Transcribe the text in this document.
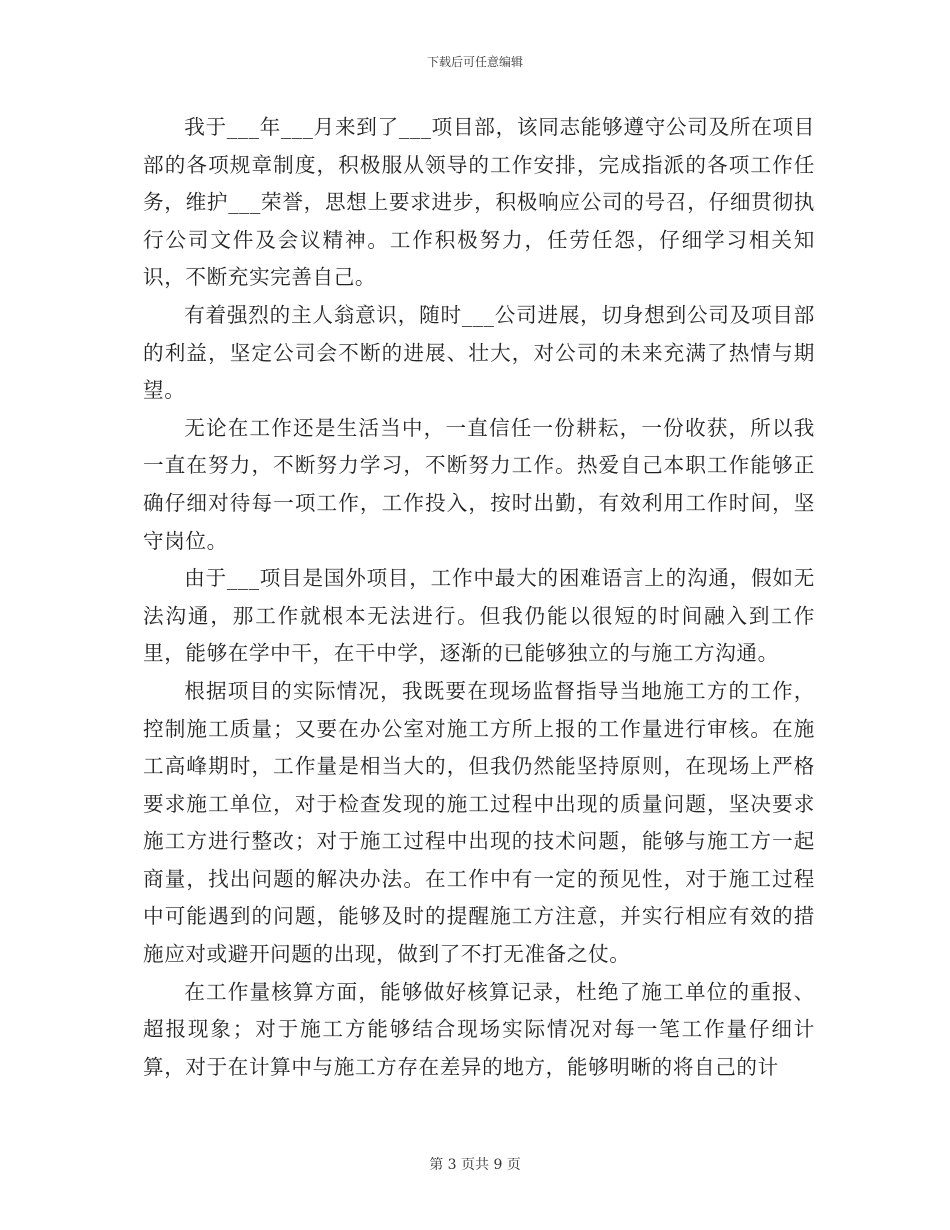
下载后可任意编辑

我于___年___月来到了___项目部，该同志能够遵守公司及所在项目部的各项规章制度，积极服从领导的工作安排，完成指派的各项工作任务，维护___荣誉，思想上要求进步，积极响应公司的号召，仔细贯彻执行公司文件及会议精神。工作积极努力，任劳任怨，仔细学习相关知识，不断充实完善自己。

有着强烈的主人翁意识，随时___公司进展，切身想到公司及项目部的利益，坚定公司会不断的进展、壮大，对公司的未来充满了热情与期望。

无论在工作还是生活当中，一直信任一份耕耘，一份收获，所以我一直在努力，不断努力学习，不断努力工作。热爱自己本职工作能够正确仔细对待每一项工作，工作投入，按时出勤，有效利用工作时间，坚守岗位。

由于___项目是国外项目，工作中最大的困难语言上的沟通，假如无法沟通，那工作就根本无法进行。但我仍能以很短的时间融入到工作里，能够在学中干，在干中学，逐渐的已能够独立的与施工方沟通。

根据项目的实际情况，我既要在现场监督指导当地施工方的工作，控制施工质量；又要在办公室对施工方所上报的工作量进行审核。在施工高峰期时，工作量是相当大的，但我仍然能坚持原则，在现场上严格要求施工单位，对于检查发现的施工过程中出现的质量问题，坚决要求施工方进行整改；对于施工过程中出现的技术问题，能够与施工方一起商量，找出问题的解决办法。在工作中有一定的预见性，对于施工过程中可能遇到的问题，能够及时的提醒施工方注意，并实行相应有效的措施应对或避开问题的出现，做到了不打无准备之仗。

在工作量核算方面，能够做好核算记录，杜绝了施工单位的重报、超报现象；对于施工方能够结合现场实际情况对每一笔工作量仔细计算，对于在计算中与施工方存在差异的地方，能够明晰的将自己的计

第 3 页共 9 页
